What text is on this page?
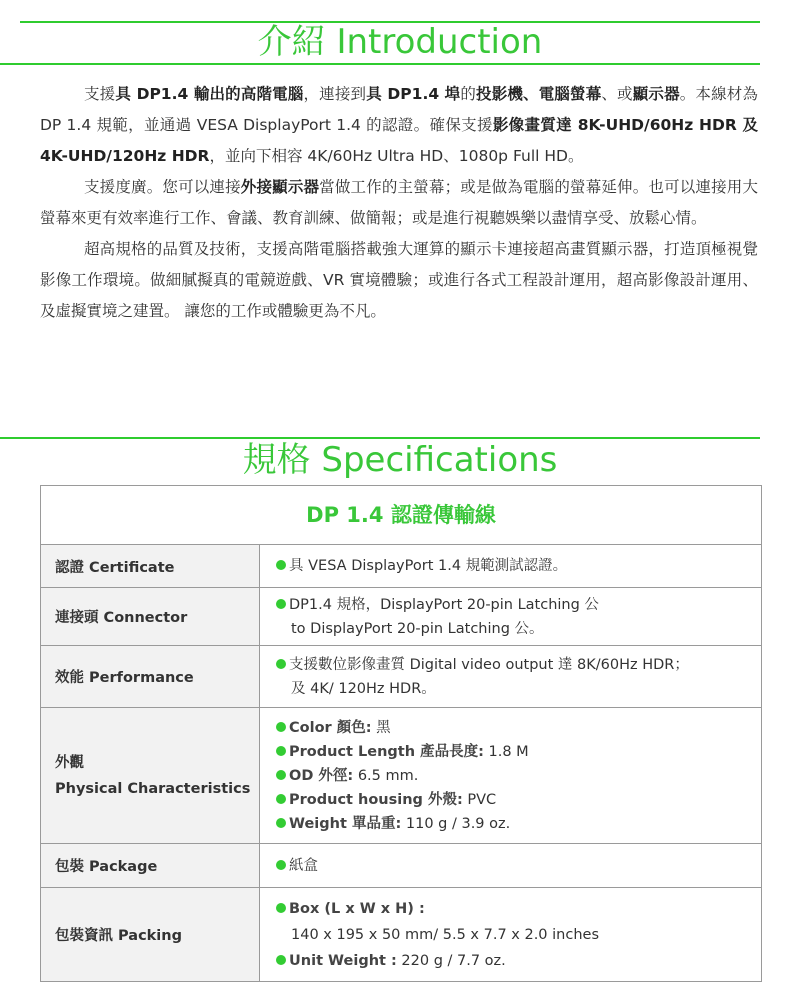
介紹 Introduction

支援具 DP1.4 輸出的高階電腦，連接到具 DP1.4 埠的投影機、電腦螢幕、或顯示器。本線材為 DP 1.4 規範，並通過 VESA DisplayPort 1.4 的認證。確保支援影像畫質達 8K-UHD/60Hz HDR 及 4K-UHD/120Hz HDR，並向下相容 4K/60Hz Ultra HD、1080p Full HD。

支援度廣。您可以連接外接顯示器當做工作的主螢幕；或是做為電腦的螢幕延伸。也可以連接用大螢幕來更有效率進行工作、會議、教育訓練、做簡報；或是進行視聽娛樂以盡情享受、放鬆心情。

超高規格的品質及技術，支援高階電腦搭載強大運算的顯示卡連接超高畫質顯示器，打造頂極視覺影像工作環境。做細膩擬真的電競遊戲、VR 實境體驗；或進行各式工程設計運用，超高影像設計運用、及虛擬實境之建置。 讓您的工作或體驗更為不凡。

規格 Specifications
DP 1.4 認證傳輸線
認證 Certificate	具 VESA DisplayPort 1.4 規範測試認證。
連接頭 Connector
DP1.4 規格，DisplayPort 20-pin Latching 公
to DisplayPort 20-pin Latching 公。
效能 Performance
支援數位影像畫質 Digital video output 達 8K/60Hz HDR；
及 4K/ 120Hz HDR。
外觀
Physical Characteristics
Color 顏色: 黑
Product Length 產品長度: 1.8 M
OD 外徑: 6.5 mm.
Product housing 外殼: PVC
Weight 單品重: 110 g / 3.9 oz.
包裝 Package	紙盒
包裝資訊 Packing
Box (L x W x H) :
140 x 195 x 50 mm/ 5.5 x 7.7 x 2.0 inches
Unit Weight : 220 g / 7.7 oz.
